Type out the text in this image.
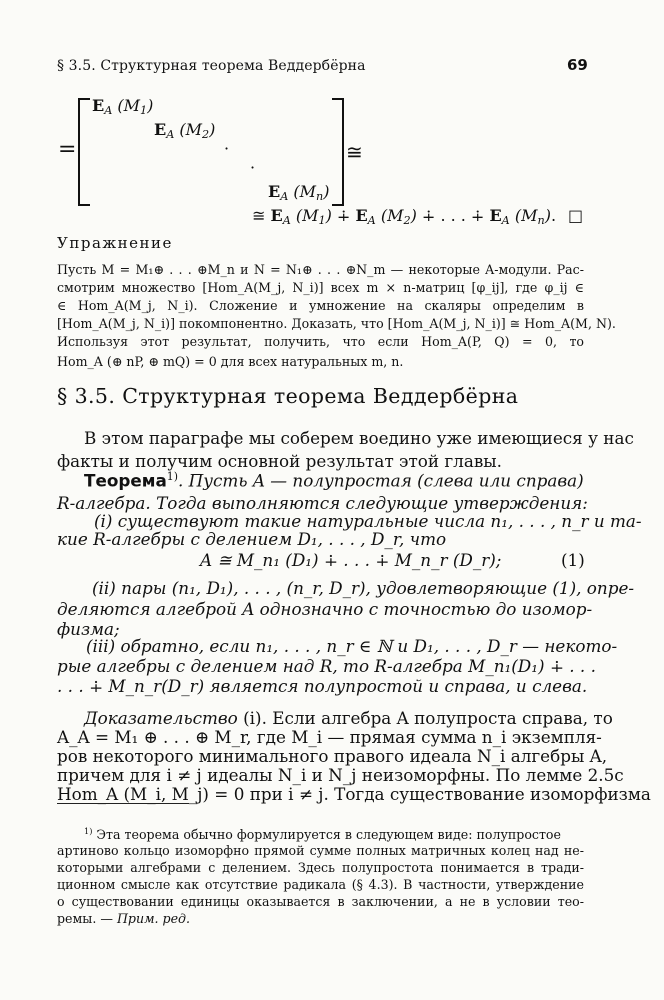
§ 3.5. Структурная теорема Веддербёрна	69
=
$E_A$ $(M_1)$
$E_A$ $(M_2)$
·
·
$E_A$ $(M_n)$
≅
≅ $E_A$ $(M_1)$ ∔ $E_A$ $(M_2)$ ∔ . . . ∔ $E_A$ $(M_n)$. □
Упражнение
Пусть M = M₁⊕ . . . ⊕M_n и N = N₁⊕ . . . ⊕N_m — некоторые A-модули. Рас-
смотрим множество [Hom_A(M_j, N_i)] всех m × n-матриц [φ_ij], где φ_ij ∈
∈ Hom_A(M_j, N_i). Сложение и умножение на скаляры определим в
[Hom_A(M_j, N_i)] покомпонентно. Доказать, что [Hom_A(M_j, N_i)] ≅ Hom_A(M, N).
Используя этот результат, получить, что если Hom_A(P, Q) = 0, то
Hom_A (⊕ nP, ⊕ mQ) = 0 для всех натуральных m, n.
§ 3.5. Структурная теорема Веддербёрна
В этом параграфе мы соберем воедино уже имеющиеся у нас
факты и получим основной результат этой главы.
Теорема$^{1)}$. Пусть A — полупростая (слева или справа)
R-алгебра. Тогда выполняются следующие утверждения:
(i) существуют такие натуральные числа n₁, . . . , n_r и та-
кие R-алгебры с делением D₁, . . . , D_r, что
A ≅ M_n₁ (D₁) ∔ . . . ∔ M_n_r (D_r);	(1)
(ii) пары (n₁, D₁), . . . , (n_r, D_r), удовлетворяющие (1), опре-
деляются алгеброй A однозначно с точностью до изомор-
физма;
(iii) обратно, если n₁, . . . , n_r ∈ ℕ и D₁, . . . , D_r — некото-
рые алгебры с делением над R, то R-алгебра M_n₁(D₁) ∔ . . .
. . . ∔ M_n_r(D_r) является полупростой и справа, и слева.
Доказательство (i). Если алгебра A полупроста справа, то
A_A = M₁ ⊕ . . . ⊕ M_r, где M_i — прямая сумма n_i экземпля-
ров некоторого минимального правого идеала N_i алгебры A,
причем для i ≠ j идеалы N_i и N_j неизоморфны. По лемме 2.5c
Hom_A (M_i, M_j) = 0 при i ≠ j. Тогда существование изоморфизма
$^{1)}$ Эта теорема обычно формулируется в следующем виде: полупростое
артиново кольцо изоморфно прямой сумме полных матричных колец над не-
которыми алгебрами с делением. Здесь полупростота понимается в тради-
ционном смысле как отсутствие радикала (§ 4.3). В частности, утверждение
о существовании единицы оказывается в заключении, а не в условии тео-
ремы. — Прим. ред.
